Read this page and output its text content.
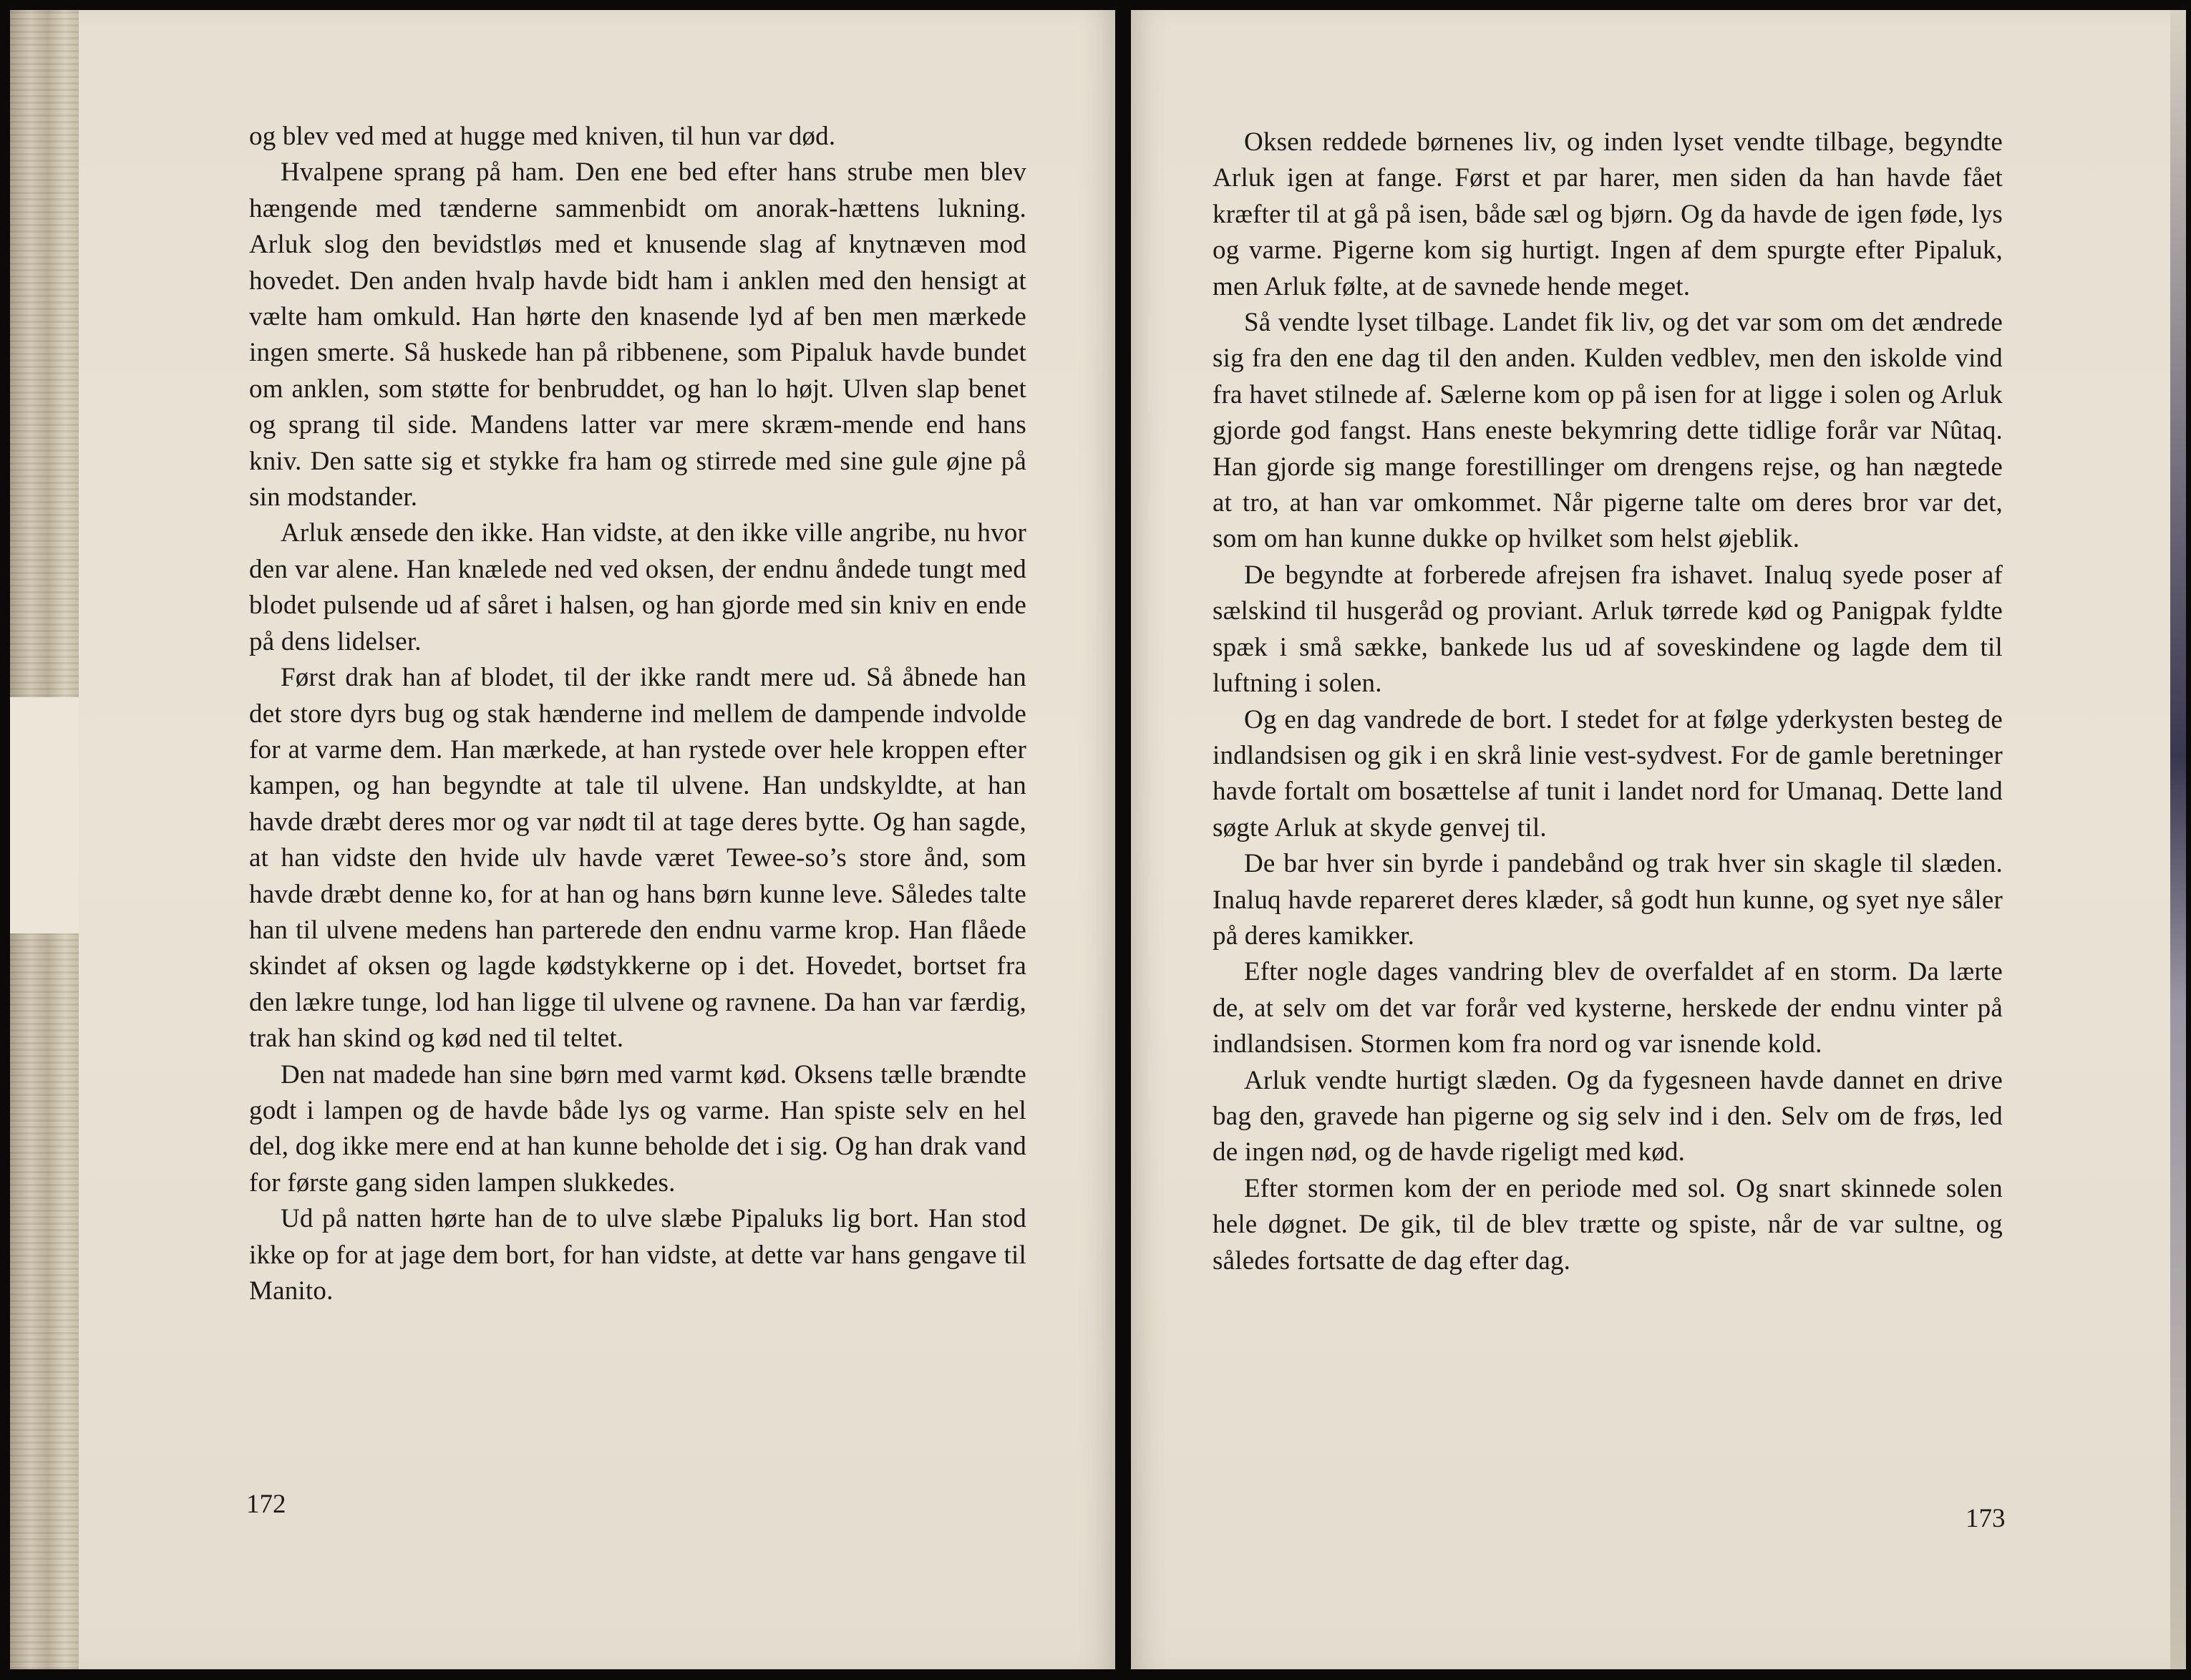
og blev ved med at hugge med kniven, til hun var død.

Hvalpene sprang på ham. Den ene bed efter hans strube men blev hængende med tænderne sammenbidt om anorak-hættens lukning. Arluk slog den bevidstløs med et knusende slag af knytnæven mod hovedet. Den anden hvalp havde bidt ham i anklen med den hensigt at vælte ham omkuld. Han hørte den knasende lyd af ben men mærkede ingen smerte. Så huskede han på ribbenene, som Pipaluk havde bundet om anklen, som støtte for benbruddet, og han lo højt. Ulven slap benet og sprang til side. Mandens latter var mere skræm-mende end hans kniv. Den satte sig et stykke fra ham og stirrede med sine gule øjne på sin modstander.

Arluk ænsede den ikke. Han vidste, at den ikke ville angribe, nu hvor den var alene. Han knælede ned ved oksen, der endnu åndede tungt med blodet pulsende ud af såret i halsen, og han gjorde med sin kniv en ende på dens lidelser.

Først drak han af blodet, til der ikke randt mere ud. Så åbnede han det store dyrs bug og stak hænderne ind mellem de dampende indvolde for at varme dem. Han mærkede, at han rystede over hele kroppen efter kampen, og han begyndte at tale til ulvene. Han undskyldte, at han havde dræbt deres mor og var nødt til at tage deres bytte. Og han sagde, at han vidste den hvide ulv havde været Tewee-so’s store ånd, som havde dræbt denne ko, for at han og hans børn kunne leve. Således talte han til ulvene medens han parterede den endnu varme krop. Han flåede skindet af oksen og lagde kødstykkerne op i det. Hovedet, bortset fra den lækre tunge, lod han ligge til ulvene og ravnene. Da han var færdig, trak han skind og kød ned til teltet.

Den nat madede han sine børn med varmt kød. Oksens tælle brændte godt i lampen og de havde både lys og varme. Han spiste selv en hel del, dog ikke mere end at han kunne beholde det i sig. Og han drak vand for første gang siden lampen slukkedes.

Ud på natten hørte han de to ulve slæbe Pipaluks lig bort. Han stod ikke op for at jage dem bort, for han vidste, at dette var hans gengave til Manito.

172

Oksen reddede børnenes liv, og inden lyset vendte tilbage, begyndte Arluk igen at fange. Først et par harer, men siden da han havde fået kræfter til at gå på isen, både sæl og bjørn. Og da havde de igen føde, lys og varme. Pigerne kom sig hurtigt. Ingen af dem spurgte efter Pipaluk, men Arluk følte, at de savnede hende meget.

Så vendte lyset tilbage. Landet fik liv, og det var som om det ændrede sig fra den ene dag til den anden. Kulden vedblev, men den iskolde vind fra havet stilnede af. Sælerne kom op på isen for at ligge i solen og Arluk gjorde god fangst. Hans eneste bekymring dette tidlige forår var Nûtaq. Han gjorde sig mange forestillinger om drengens rejse, og han nægtede at tro, at han var omkommet. Når pigerne talte om deres bror var det, som om han kunne dukke op hvilket som helst øjeblik.

De begyndte at forberede afrejsen fra ishavet. Inaluq syede poser af sælskind til husgeråd og proviant. Arluk tørrede kød og Panigpak fyldte spæk i små sække, bankede lus ud af soveskindene og lagde dem til luftning i solen.

Og en dag vandrede de bort. I stedet for at følge yderkysten besteg de indlandsisen og gik i en skrå linie vest-sydvest. For de gamle beretninger havde fortalt om bosættelse af tunit i landet nord for Umanaq. Dette land søgte Arluk at skyde genvej til.

De bar hver sin byrde i pandebånd og trak hver sin skagle til slæden. Inaluq havde repareret deres klæder, så godt hun kunne, og syet nye såler på deres kamikker.

Efter nogle dages vandring blev de overfaldet af en storm. Da lærte de, at selv om det var forår ved kysterne, herskede der endnu vinter på indlandsisen. Stormen kom fra nord og var isnende kold.

Arluk vendte hurtigt slæden. Og da fygesneen havde dannet en drive bag den, gravede han pigerne og sig selv ind i den. Selv om de frøs, led de ingen nød, og de havde rigeligt med kød.

Efter stormen kom der en periode med sol. Og snart skinnede solen hele døgnet. De gik, til de blev trætte og spiste, når de var sultne, og således fortsatte de dag efter dag.

173
